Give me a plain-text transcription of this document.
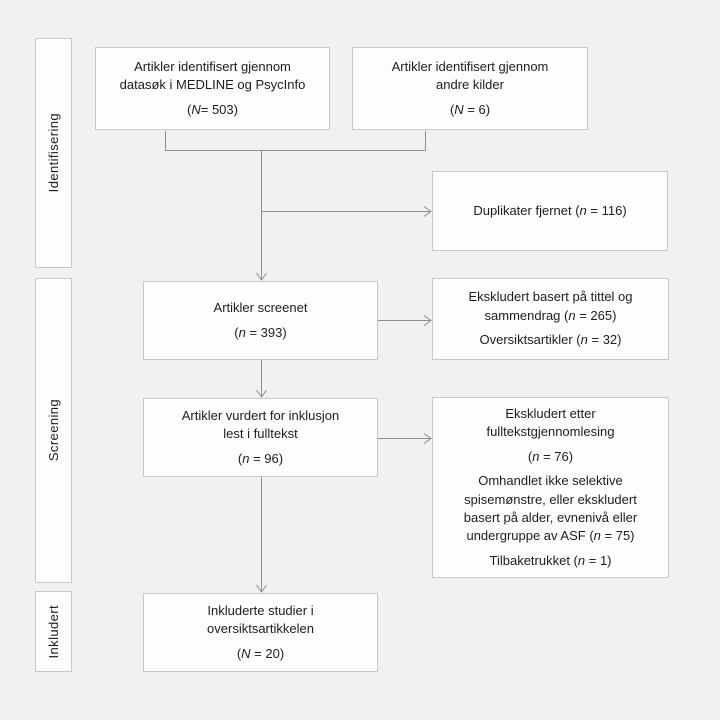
Identifisering
Screening
Inkludert
Artikler identifisert gjennom
datasøk i MEDLINE og PsycInfo
(N= 503)
Artikler identifisert gjennom
andre kilder
(N = 6)
Duplikater fjernet (n = 116)
Artikler screenet
(n = 393)
Ekskludert basert på tittel og
sammendrag (n = 265)
Oversiktsartikler (n = 32)
Artikler vurdert for inklusjon
lest i fulltekst
(n = 96)
Ekskludert etter
fulltekstgjennomlesing
(n = 76)
Omhandlet ikke selektive
spisemønstre, eller ekskludert
basert på alder, evnenivå eller
undergruppe av ASF (n = 75)
Tilbaketrukket (n = 1)
Inkluderte studier i
oversiktsartikkelen
(N = 20)
